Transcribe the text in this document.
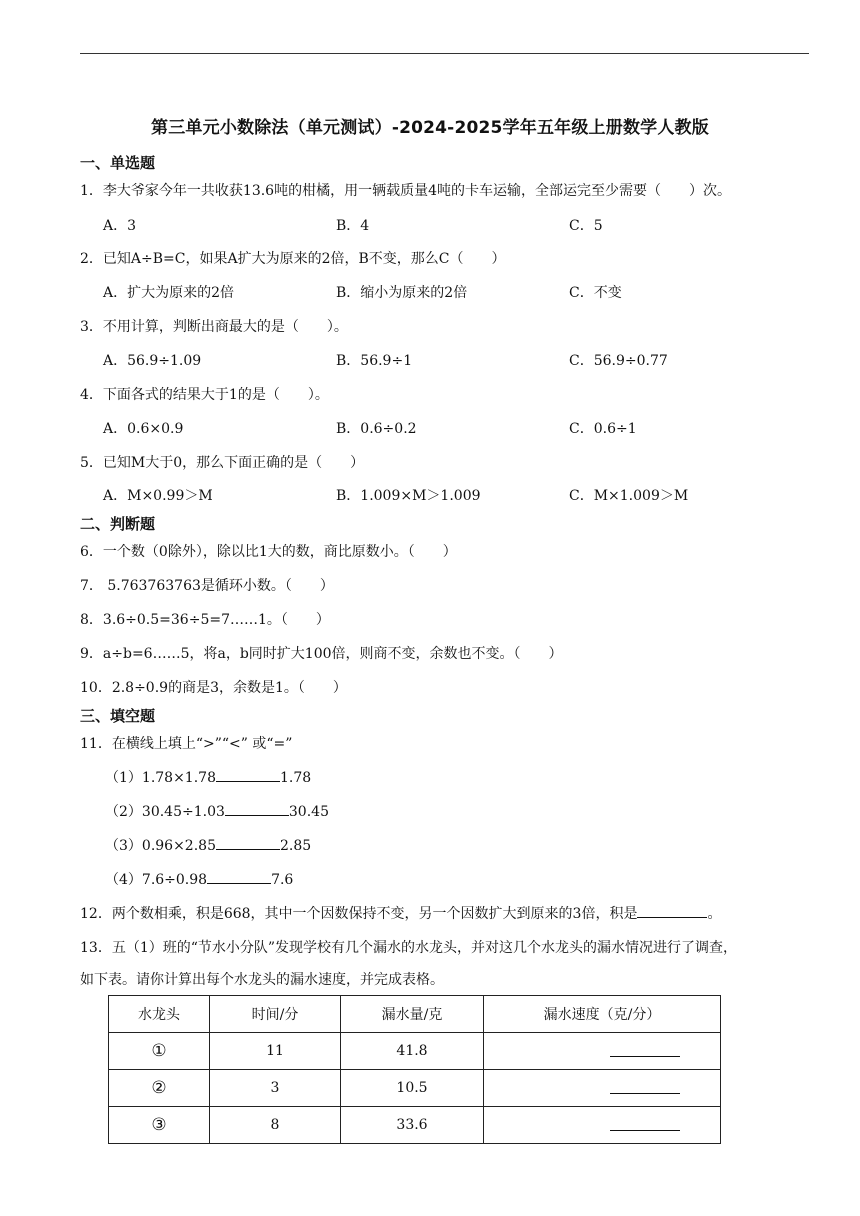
第三单元小数除法（单元测试）-2024-2025学年五年级上册数学人教版
一、单选题
1．李大爷家今年一共收获13.6吨的柑橘，用一辆载质量4吨的卡车运输，全部运完至少需要（　　）次。
A．3	B．4	C．5
2．已知A÷B=C，如果A扩大为原来的2倍，B不变，那么C（　　）
A．扩大为原来的2倍	B．缩小为原来的2倍	C．不变
3．不用计算，判断出商最大的是（　　）。
A．56.9÷1.09	B．56.9÷1	C．56.9÷0.77
4．下面各式的结果大于1的是（　　）。
A．0.6×0.9	B．0.6÷0.2	C．0.6÷1
5．已知M大于0，那么下面正确的是（　　）
A．M×0.99＞M	B．1.009×M＞1.009	C．M×1.009＞M
二、判断题
6．一个数（0除外），除以比1大的数，商比原数小。（　　）
7． 5.763763763是循环小数。（　　）
8．3.6÷0.5=36÷5=7……1。（　　）
9．a÷b=6……5，将a，b同时扩大100倍，则商不变，余数也不变。（　　）
10．2.8÷0.9的商是3，余数是1。（　　）
三、填空题
11．在横线上填上“>”“<” 或“=”
（1）1.78×1.78	1.78
（2）30.45÷1.03	30.45
（3）0.96×2.85	2.85
（4）7.6÷0.98	7.6
12．两个数相乘，积是668，其中一个因数保持不变，另一个因数扩大到原来的3倍，积是	。
13．五（1）班的“节水小分队”发现学校有几个漏水的水龙头，并对这几个水龙头的漏水情况进行了调查，
如下表。请你计算出每个水龙头的漏水速度，并完成表格。
水龙头	时间/分	漏水量/克	漏水速度（克/分）
①	11	41.8	
②	3	10.5	
③	8	33.6	
